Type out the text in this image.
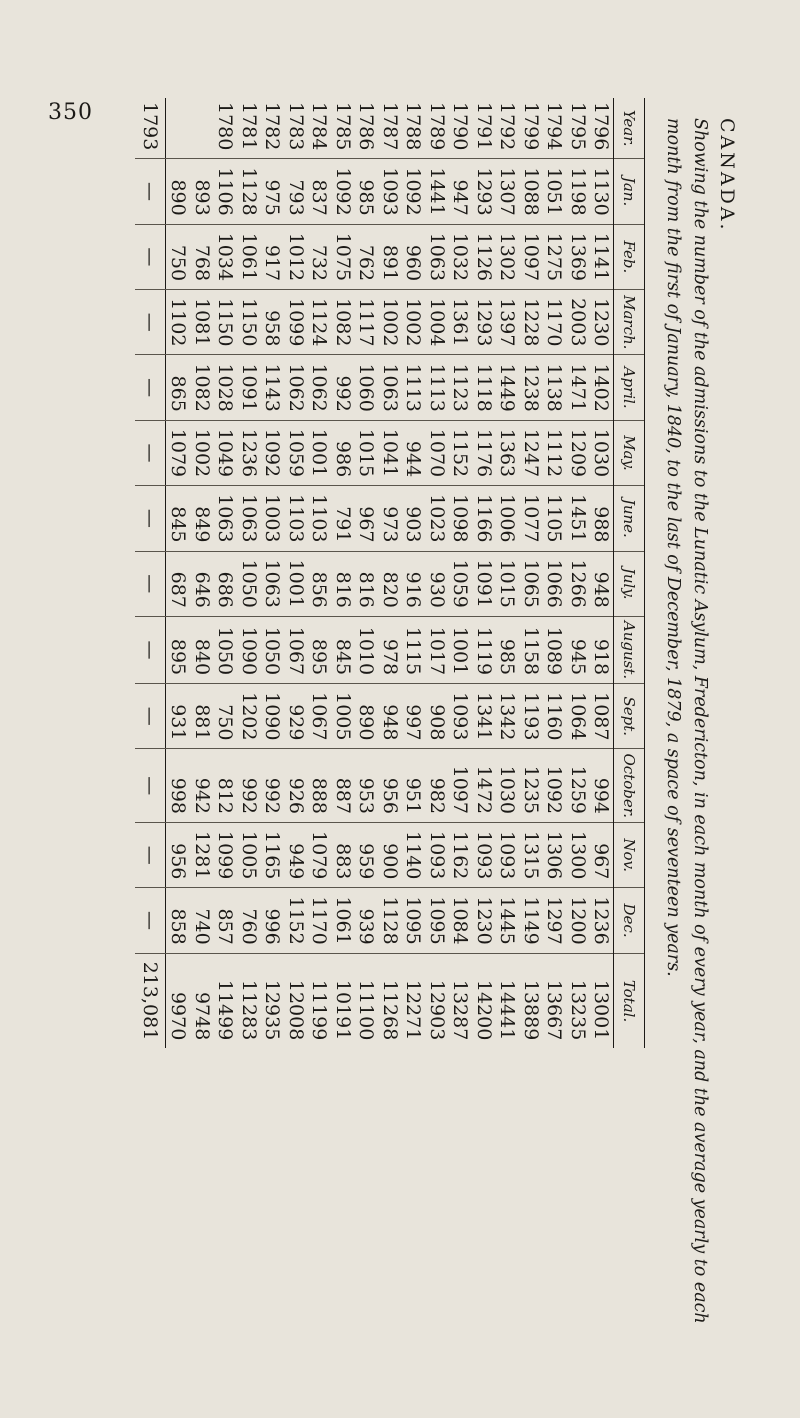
350
CANADA.
Showing the number of the admissions to the Lunatic Asylum, Fredericton, in each month of every year, and the average yearly to each
month from the first of January, 1840, to the last of December, 1879, a space of seventeen years.
Year.	Jan.	Feb.	March.	April.	May.	June.	July.	August.	Sept.	October.	Nov.	Dec.	Total.
1796	1130	1141	1230	1402	1030	988	948	918	1087	994	967	1236	13001
1795	1198	1369	2003	1471	1209	1451	1266	945	1064	1259	1300	1200	13235
1794	1051	1275	1170	1138	1112	1105	1066	1089	1160	1092	1306	1297	13667
1799	1088	1097	1228	1238	1247	1077	1065	1158	1193	1235	1315	1149	13889
1792	1307	1302	1397	1449	1363	1006	1015	985	1342	1030	1093	1445	14441
1791	1293	1126	1293	1118	1176	1166	1091	1119	1341	1472	1093	1230	14200
1790	947	1032	1361	1123	1152	1098	1059	1001	1093	1097	1162	1084	13287
1789	1441	1063	1004	1113	1070	1023	930	1017	908	982	1093	1095	12903
1788	1092	960	1002	1113	944	903	916	1115	997	951	1140	1095	12271
1787	1093	891	1002	1063	1041	973	820	978	948	956	900	1128	11268
1786	985	762	1117	1060	1015	967	816	1010	890	953	959	939	11100
1785	1092	1075	1082	992	986	791	816	845	1005	887	883	1061	10191
1784	837	732	1124	1062	1001	1103	856	895	1067	888	1079	1170	11199
1783	793	1012	1099	1062	1059	1103	1001	1067	929	926	949	1152	12008
1782	975	917	958	1143	1092	1003	1063	1050	1090	992	1165	996	12935
1781	1128	1061	1150	1091	1236	1063	1050	1090	1202	992	1005	760	11283
1780	1106	1034	1150	1028	1049	1063	686	1050	750	812	1099	857	11499
	893	768	1081	1082	1002	849	646	840	881	942	1281	740	9748
	890	750	1102	865	1079	845	687	895	931	998	956	858	9970
1793	—	—	—	—	—	—	—	—	—	—	—	—	213,081
